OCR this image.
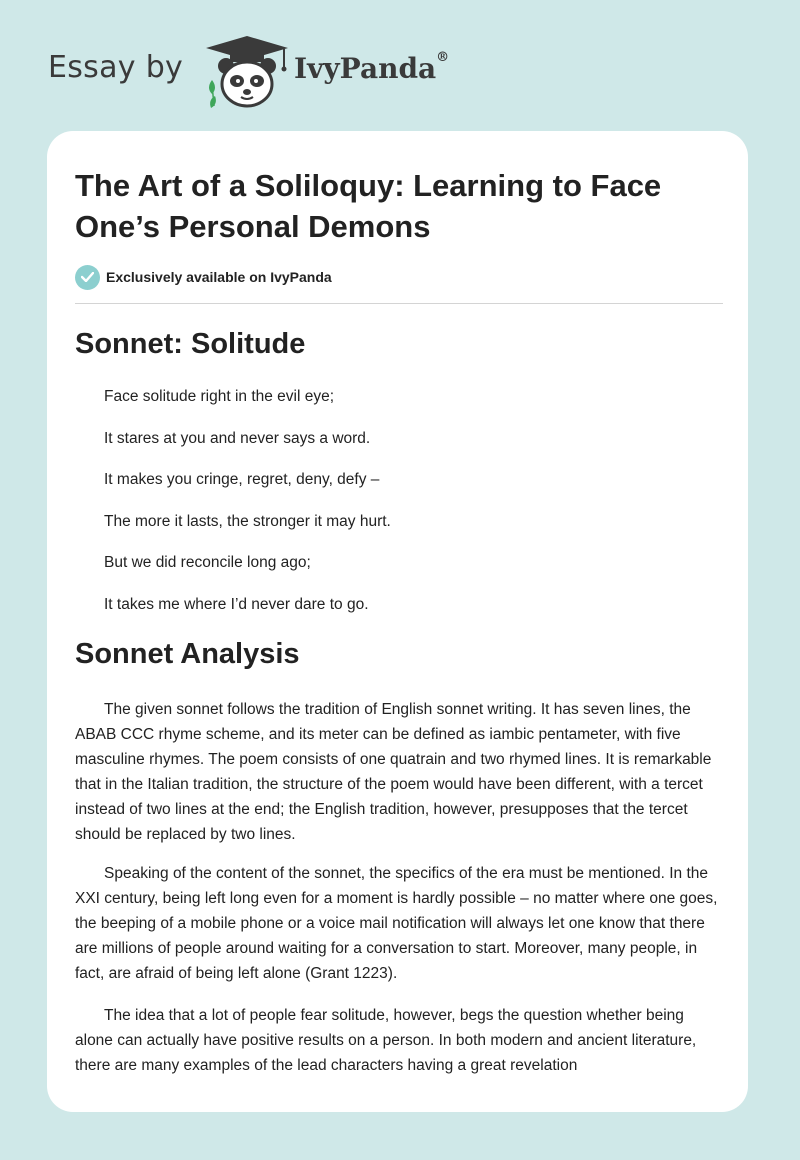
Essay by	IvyPanda®
The Art of a Soliloquy: Learning to Face One’s Personal Demons
Exclusively available on IvyPanda
Sonnet: Solitude
Face solitude right in the evil eye;
It stares at you and never says a word.
It makes you cringe, regret, deny, defy –
The more it lasts, the stronger it may hurt.
But we did reconcile long ago;
It takes me where I’d never dare to go.
Sonnet Analysis

The given sonnet follows the tradition of English sonnet writing. It has seven lines, the ABAB CCC rhyme scheme, and its meter can be defined as iambic pentameter, with five masculine rhymes. The poem consists of one quatrain and two rhymed lines. It is remarkable that in the Italian tradition, the structure of the poem would have been different, with a tercet instead of two lines at the end; the English tradition, however, presupposes that the tercet should be replaced by two lines.

Speaking of the content of the sonnet, the specifics of the era must be mentioned. In the XXI century, being left long even for a moment is hardly possible – no matter where one goes, the beeping of a mobile phone or a voice mail notification will always let one know that there are millions of people around waiting for a conversation to start. Moreover, many people, in fact, are afraid of being left alone (Grant 1223).

The idea that a lot of people fear solitude, however, begs the question whether being alone can actually have positive results on a person. In both modern and ancient literature, there are many examples of the lead characters having a great revelation
